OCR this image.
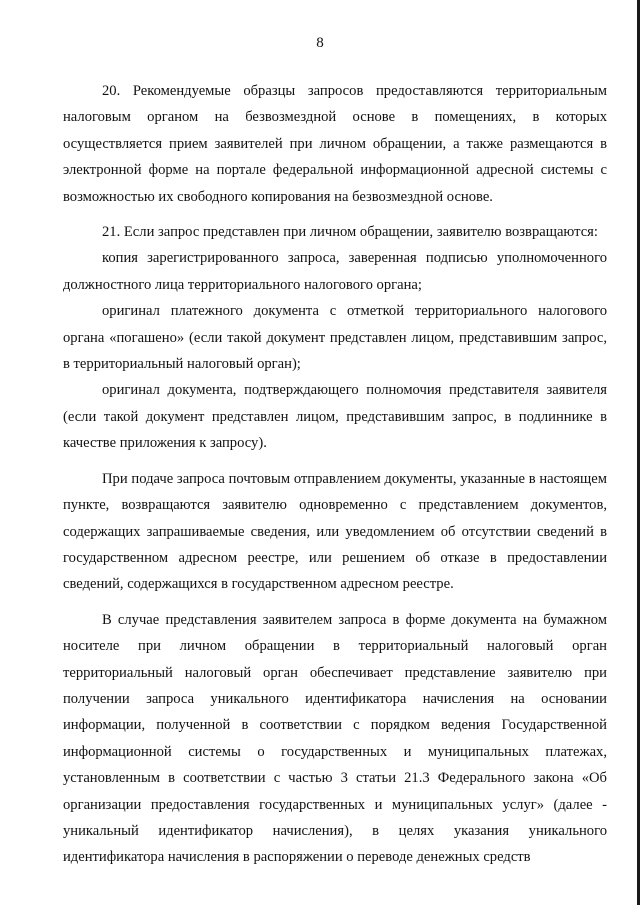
8

20. Рекомендуемые образцы запросов предоставляются территориальным налоговым органом на безвозмездной основе в помещениях, в которых осуществляется прием заявителей при личном обращении, а также размещаются в электронной форме на портале федеральной информационной адресной системы с возможностью их свободного копирования на безвозмездной основе.

21. Если запрос представлен при личном обращении, заявителю возвращаются:

копия зарегистрированного запроса, заверенная подписью уполномоченного должностного лица территориального налогового органа;

оригинал платежного документа с отметкой территориального налогового органа «погашено» (если такой документ представлен лицом, представившим запрос, в территориальный налоговый орган);

оригинал документа, подтверждающего полномочия представителя заявителя (если такой документ представлен лицом, представившим запрос, в подлиннике в качестве приложения к запросу).

При подаче запроса почтовым отправлением документы, указанные в настоящем пункте, возвращаются заявителю одновременно с представлением документов, содержащих запрашиваемые сведения, или уведомлением об отсутствии сведений в государственном адресном реестре, или решением об отказе в предоставлении сведений, содержащихся в государственном адресном реестре.

В случае представления заявителем запроса в форме документа на бумажном носителе при личном обращении в территориальный налоговый орган территориальный налоговый орган обеспечивает представление заявителю при получении запроса уникального идентификатора начисления на основании информации, полученной в соответствии с порядком ведения Государственной информационной системы о государственных и муниципальных платежах, установленным в соответствии с частью 3 статьи 21.3 Федерального закона «Об организации предоставления государственных и муниципальных услуг» (далее - уникальный идентификатор начисления), в целях указания уникального идентификатора начисления в распоряжении о переводе денежных средств
